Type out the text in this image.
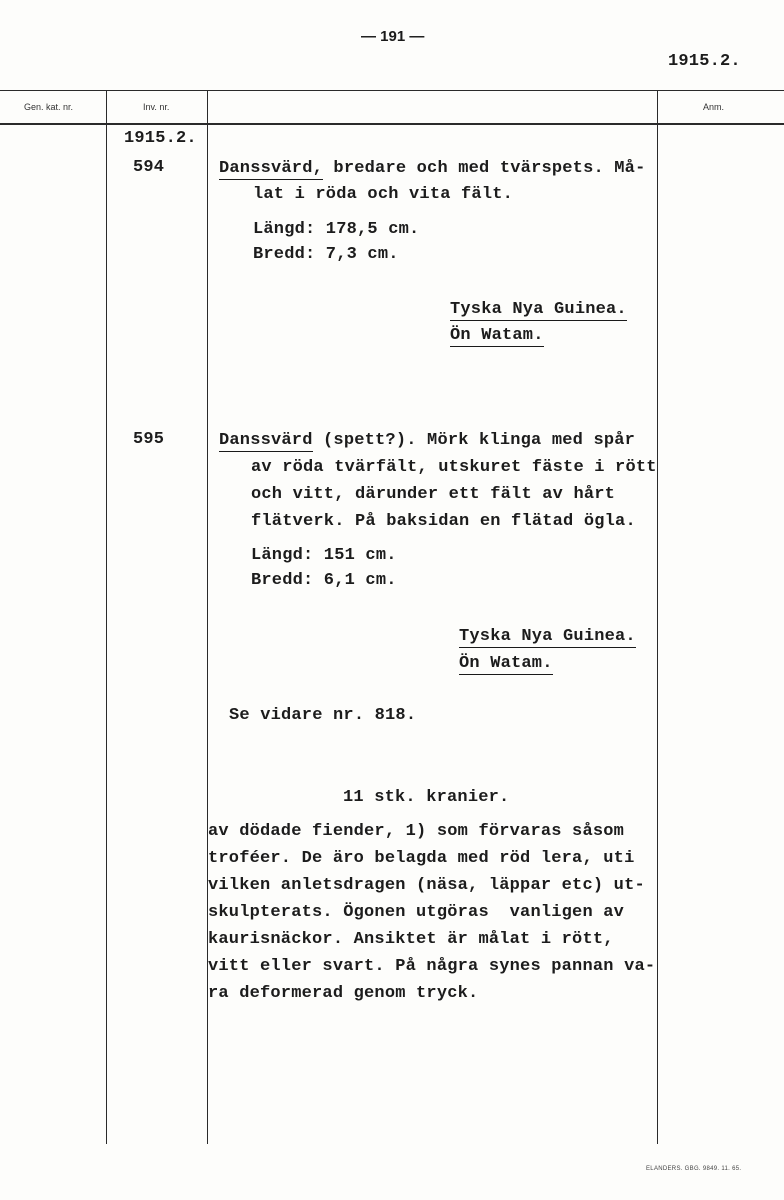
— 191 —
1915.2.
Gen. kat. nr.	Inv. nr.	Anm.
1915.2.
594
595
Danssvärd, bredare och med tvärspets. Må-
lat i röda och vita fält.
Längd: 178,5 cm.
Bredd: 7,3 cm.
Tyska Nya Guinea.
Ön Watam.
Danssvärd (spett?). Mörk klinga med spår
av röda tvärfält, utskuret fäste i rött
och vitt, därunder ett fält av hårt
flätverk. På baksidan en flätad ögla.
Längd: 151 cm.
Bredd: 6,1 cm.
Tyska Nya Guinea.
Ön Watam.
Se vidare nr. 818.
11 stk. kranier.
av dödade fiender, 1) som förvaras såsom
troféer. De äro belagda med röd lera, uti
vilken anletsdragen (näsa, läppar etc) ut-
skulpterats. Ögonen utgöras  vanligen av
kaurisnäckor. Ansiktet är målat i rött,
vitt eller svart. På några synes pannan va-
ra deformerad genom tryck.
ELANDERS. GBG. 9849. 11. 65.
